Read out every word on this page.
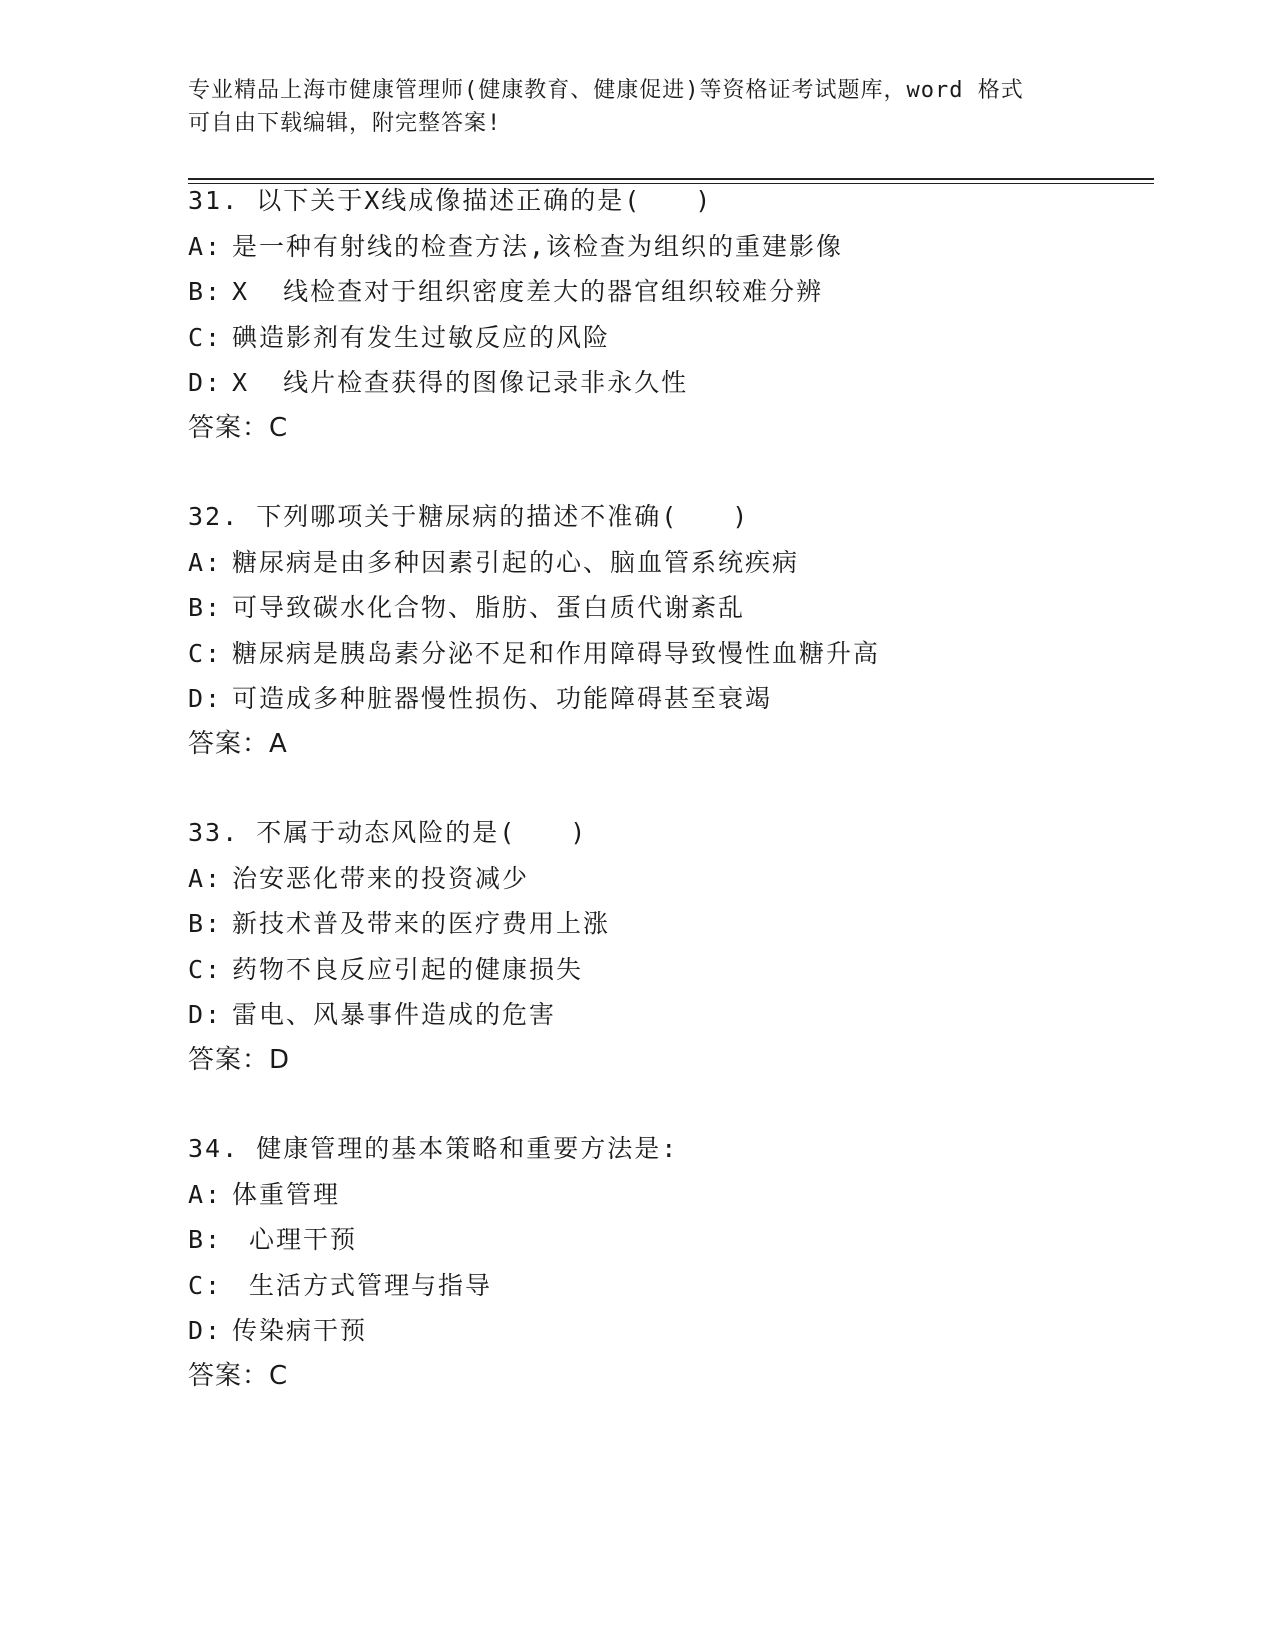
专业精品上海市健康管理师(健康教育、健康促进)等资格证考试题库，word 格式
可自由下载编辑，附完整答案!
31. 以下关于X线成像描述正确的是(　　)
A: 是一种有射线的检查方法,该检查为组织的重建影像
B: X  线检查对于组织密度差大的器官组织较难分辨
C: 碘造影剂有发生过敏反应的风险
D: X  线片检查获得的图像记录非永久性
答案：C
32. 下列哪项关于糖尿病的描述不准确(　　)
A: 糖尿病是由多种因素引起的心、脑血管系统疾病
B: 可导致碳水化合物、脂肪、蛋白质代谢紊乱
C: 糖尿病是胰岛素分泌不足和作用障碍导致慢性血糖升高
D: 可造成多种脏器慢性损伤、功能障碍甚至衰竭
答案：A
33. 不属于动态风险的是(　　)
A: 治安恶化带来的投资减少
B: 新技术普及带来的医疗费用上涨
C: 药物不良反应引起的健康损失
D: 雷电、风暴事件造成的危害
答案：D
34. 健康管理的基本策略和重要方法是:
A: 体重管理
B: 心理干预
C: 生活方式管理与指导
D: 传染病干预
答案：C
